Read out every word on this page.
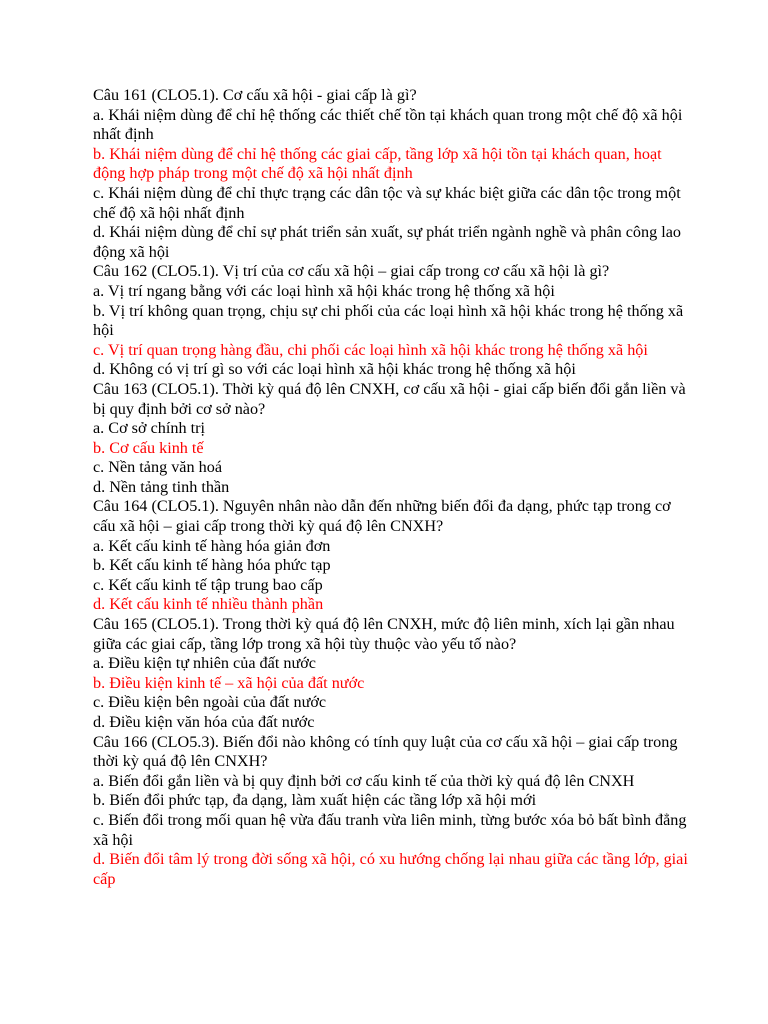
Câu 161 (CLO5.1). Cơ cấu xã hội - giai cấp là gì?

a. Khái niệm dùng để chỉ hệ thống các thiết chế tồn tại khách quan trong một chế độ xã hội nhất định

b. Khái niệm dùng để chỉ hệ thống các giai cấp, tầng lớp xã hội tồn tại khách quan, hoạt động hợp pháp trong một chế độ xã hội nhất định

c. Khái niệm dùng để chỉ thực trạng các dân tộc và sự khác biệt giữa các dân tộc trong một chế độ xã hội nhất định

d. Khái niệm dùng để chỉ sự phát triển sản xuất, sự phát triển ngành nghề và phân công lao động xã hội

Câu 162 (CLO5.1). Vị trí của cơ cấu xã hội – giai cấp trong cơ cấu xã hội là gì?

a. Vị trí ngang bằng với các loại hình xã hội khác trong hệ thống xã hội

b. Vị trí không quan trọng, chịu sự chi phối của các loại hình xã hội khác trong hệ thống xã hội

c. Vị trí quan trọng hàng đầu, chi phối các loại hình xã hội khác trong hệ thống xã hội

d. Không có vị trí gì so với các loại hình xã hội khác trong hệ thống xã hội

Câu 163 (CLO5.1). Thời kỳ quá độ lên CNXH, cơ cấu xã hội - giai cấp biến đổi gắn liền và bị quy định bởi cơ sở nào?

a. Cơ sở chính trị

b. Cơ cấu kinh tế

c. Nền tảng văn hoá

d. Nền tảng tinh thần

Câu 164 (CLO5.1). Nguyên nhân nào dẫn đến những biến đổi đa dạng, phức tạp trong cơ cấu xã hội – giai cấp trong thời kỳ quá độ lên CNXH?

a. Kết cấu kinh tế hàng hóa giản đơn

b. Kết cấu kinh tế hàng hóa phức tạp

c. Kết cấu kinh tế tập trung bao cấp

d. Kết cấu kinh tế nhiều thành phần

Câu 165 (CLO5.1). Trong thời kỳ quá độ lên CNXH, mức độ liên minh, xích lại gần nhau giữa các giai cấp, tầng lớp trong xã hội tùy thuộc vào yếu tố nào?

a. Điều kiện tự nhiên của đất nước

b. Điều kiện kinh tế – xã hội của đất nước

c. Điều kiện bên ngoài của đất nước

d. Điều kiện văn hóa của đất nước

Câu 166 (CLO5.3). Biến đổi nào không có tính quy luật của cơ cấu xã hội – giai cấp trong thời kỳ quá độ lên CNXH?

a. Biến đổi gắn liền và bị quy định bởi cơ cấu kinh tế của thời kỳ quá độ lên CNXH

b. Biến đổi phức tạp, đa dạng, làm xuất hiện các tầng lớp xã hội mới

c. Biến đổi trong mối quan hệ vừa đấu tranh vừa liên minh, từng bước xóa bỏ bất bình đẳng xã hội

d. Biến đổi tâm lý trong đời sống xã hội, có xu hướng chống lại nhau giữa các tầng lớp, giai cấp
